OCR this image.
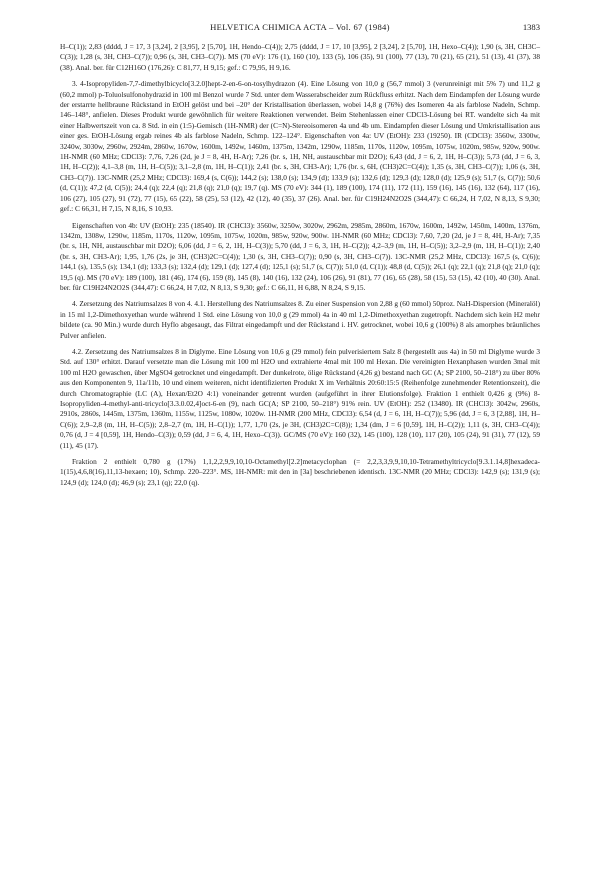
HELVETICA CHIMICA ACTA – Vol. 67 (1984)	1383

H–C(1)); 2,83 (dddd, J = 17, 3 [3,24], 2 [3,95], 2 [5,70], 1H, Hendo–C(4)); 2,75 (dddd, J = 17, 10 [3,95], 2 [3,24], 2 [5,70], 1H, Hexo–C(4)); 1,90 (s, 3H, CH3C–C(3)); 1,28 (s, 3H, CH3–C(7)); 0,96 (s, 3H, CH3–C(7)). MS (70 eV): 176 (1), 160 (10), 133 (5), 106 (35), 91 (100), 77 (13), 70 (21), 65 (21), 51 (13), 41 (37), 38 (38). Anal. ber. für C12H16O (176,26): C 81,77, H 9,15; gef.: C 79,95, H 9,16.

3. 4-Isopropyliden-7,7-dimethylbicyclo[3.2.0]hept-2-en-6-on-tosylhydrazon (4). Eine Lösung von 10,0 g (56,7 mmol) 3 (verunreinigt mit 5% 7) und 11,2 g (60,2 mmol) p-Toluolsulfonohydrazid in 100 ml Benzol wurde 7 Std. unter dem Wasserabscheider zum Rückfluss erhitzt. Nach dem Eindampfen der Lösung wurde der erstarrte hellbraune Rückstand in EtOH gelöst und bei –20° der Kristallisation überlassen, wobei 14,8 g (76%) des Isomeren 4a als farblose Nadeln, Schmp. 146–148°, anfielen. Dieses Produkt wurde gewöhnlich für weitere Reaktionen verwendet. Beim Stehenlassen einer CDCl3-Lösung bei RT. wandelte sich 4a mit einer Halbwertszeit von ca. 8 Std. in ein (1:5)-Gemisch (1H-NMR) der (C=N)-Stereoisomeren 4a und 4b um. Eindampfen dieser Lösung und Umkristallisation aus einer ges. EtOH-Lösung ergab reines 4b als farblose Nadeln, Schmp. 122–124°. Eigenschaften von 4a: UV (EtOH): 233 (19250). IR (CDCl3): 3560w, 3300w, 3240w, 3030w, 2960w, 2924m, 2860w, 1670w, 1600m, 1492w, 1460m, 1375m, 1342m, 1290w, 1185m, 1170s, 1120w, 1095m, 1075w, 1020m, 985w, 920w, 900w. 1H-NMR (60 MHz; CDCl3): 7,76, 7,26 (2d, je J = 8, 4H, H-Ar); 7,26 (br. s, 1H, NH, austauschbar mit D2O); 6,43 (dd, J = 6, 2, 1H, H–C(3)); 5,73 (dd, J = 6, 3, 1H, H–C(2)); 4,1–3,8 (m, 1H, H–C(5)); 3,1–2,8 (m, 1H, H–C(1)); 2,41 (br. s, 3H, CH3-Ar); 1,76 (br. s, 6H, (CH3)2C=C(4)); 1,35 (s, 3H, CH3–C(7)); 1,06 (s, 3H, CH3–C(7)). 13C-NMR (25,2 MHz; CDCl3): 169,4 (s, C(6)); 144,2 (s); 138,0 (s); 134,9 (d); 133,9 (s); 132,6 (d); 129,3 (d); 128,0 (d); 125,9 (s); 51,7 (s, C(7)); 50,6 (d, C(1)); 47,2 (d, C(5)); 24,4 (q); 22,4 (q); 21,8 (q); 21,0 (q); 19,7 (q). MS (70 eV): 344 (1), 189 (100), 174 (11), 172 (11), 159 (16), 145 (16), 132 (64), 117 (16), 106 (27), 105 (27), 91 (72), 77 (15), 65 (22), 58 (25), 53 (12), 42 (12), 40 (35), 37 (26). Anal. ber. für C19H24N2O2S (344,47): C 66,24, H 7,02, N 8,13, S 9,30; gef.: C 66,31, H 7,15, N 8,16, S 10,93.

Eigenschaften von 4b: UV (EtOH): 235 (18540). IR (CHCl3): 3560w, 3250w, 3020w, 2962m, 2985m, 2860m, 1670w, 1600m, 1492w, 1450m, 1400m, 1376m, 1342m, 1308w, 1290w, 1185m, 1170s, 1120w, 1095m, 1075w, 1020m, 985w, 920w, 900w. 1H-NMR (60 MHz; CDCl3): 7,60, 7,20 (2d, je J = 8, 4H, H-Ar); 7,35 (br. s, 1H, NH, austauschbar mit D2O); 6,06 (dd, J = 6, 2, 1H, H–C(3)); 5,70 (dd, J = 6, 3, 1H, H–C(2)); 4,2–3,9 (m, 1H, H–C(5)); 3,2–2,9 (m, 1H, H–C(1)); 2,40 (br. s, 3H, CH3-Ar); 1,95, 1,76 (2s, je 3H, (CH3)2C=C(4)); 1,30 (s, 3H, CH3–C(7)); 0,90 (s, 3H, CH3–C(7)). 13C-NMR (25,2 MHz, CDCl3): 167,5 (s, C(6)); 144,1 (s), 135,5 (s); 134,1 (d); 133,3 (s); 132,4 (d); 129,1 (d); 127,4 (d); 125,1 (s); 51,7 (s, C(7)); 51,0 (d, C(1)); 48,8 (d, C(5)); 26,1 (q); 22,1 (q); 21,8 (q); 21,0 (q); 19,5 (q). MS (70 eV): 189 (100), 181 (46), 174 (6), 159 (8), 145 (8), 140 (16), 132 (24), 106 (26), 91 (81), 77 (16), 65 (28), 58 (15), 53 (15), 42 (10), 40 (30). Anal. ber. für C19H24N2O2S (344,47): C 66,24, H 7,02, N 8,13, S 9,30; gef.: C 66,11, H 6,88, N 8,24, S 9,15.

4. Zersetzung des Natriumsalzes 8 von 4. 4.1. Herstellung des Natriumsalzes 8. Zu einer Suspension von 2,88 g (60 mmol) 50proz. NaH-Dispersion (Mineralöl) in 15 ml 1,2-Dimethoxyethan wurde während 1 Std. eine Lösung von 10,0 g (29 mmol) 4a in 40 ml 1,2-Dimethoxyethan zugetropft. Nachdem sich kein H2 mehr bildete (ca. 90 Min.) wurde durch Hyflo abgesaugt, das Filtrat eingedampft und der Rückstand i. HV. getrocknet, wobei 10,6 g (100%) 8 als amorphes bräunliches Pulver anfielen.

4.2. Zersetzung des Natriumsalzes 8 in Diglyme. Eine Lösung von 10,6 g (29 mmol) fein pulverisiertem Salz 8 (hergestellt aus 4a) in 50 ml Diglyme wurde 3 Std. auf 130° erhitzt. Darauf versetzte man die Lösung mit 100 ml H2O und extrahierte 4mal mit 100 ml Hexan. Die vereinigten Hexanphasen wurden 3mal mit 100 ml H2O gewaschen, über MgSO4 getrocknet und eingedampft. Der dunkelrote, ölige Rückstand (4,26 g) bestand nach GC (A; SP 2100, 50–218°) zu über 80% aus den Komponenten 9, 11a/11b, 10 und einem weiteren, nicht identifizierten Produkt X im Verhältnis 20:60:15:5 (Reihenfolge zunehmender Retentionszeit), die durch Chromatographie (LC (A), Hexan/Et2O 4:1) voneinander getrennt wurden (aufgeführt in ihrer Elutionsfolge). Fraktion 1 enthielt 0,426 g (9%) 8-Isopropyliden-4-methyl-anti-tricyclo[3.3.0.02,4]oct-6-en (9), nach GC(A; SP 2100, 50–218°) 91% rein. UV (EtOH): 252 (13480). IR (CHCl3): 3042w, 2960s, 2910s, 2860s, 1445m, 1375m, 1360m, 1155w, 1125w, 1080w, 1020w. 1H-NMR (200 MHz, CDCl3): 6,54 (d, J = 6, 1H, H–C(7)); 5,96 (dd, J = 6, 3 [2,88], 1H, H–C(6)); 2,9–2,8 (m, 1H, H–C(5)); 2,8–2,7 (m, 1H, H–C(1)); 1,77, 1,70 (2s, je 3H, (CH3)2C=C(8)); 1,34 (dm, J = 6 [0,59], 1H, H–C(2)); 1,11 (s, 3H, CH3–C(4)); 0,76 (d, J = 4 [0,59], 1H, Hendo–C(3)); 0,59 (dd, J = 6, 4, 1H, Hexo–C(3)). GC/MS (70 eV): 160 (32), 145 (100), 128 (10), 117 (20), 105 (24), 91 (31), 77 (12), 59 (11), 45 (17).

Fraktion 2 enthielt 0,780 g (17%) 1,1,2,2,9,9,10,10-Octamethyl[2.2]metacyclophan (= 2,2,3,3,9,9,10,10-Tetramethyltricyclo[9.3.1.14,8]hexadeca-1(15),4,6,8(16),11,13-hexaen; 10), Schmp. 220–223°. MS, 1H-NMR: mit den in [3a] beschriebenen identisch. 13C-NMR (20 MHz; CDCl3): 142,9 (s); 131,9 (s); 124,9 (d); 124,0 (d); 46,9 (s); 23,1 (q); 22,0 (q).
